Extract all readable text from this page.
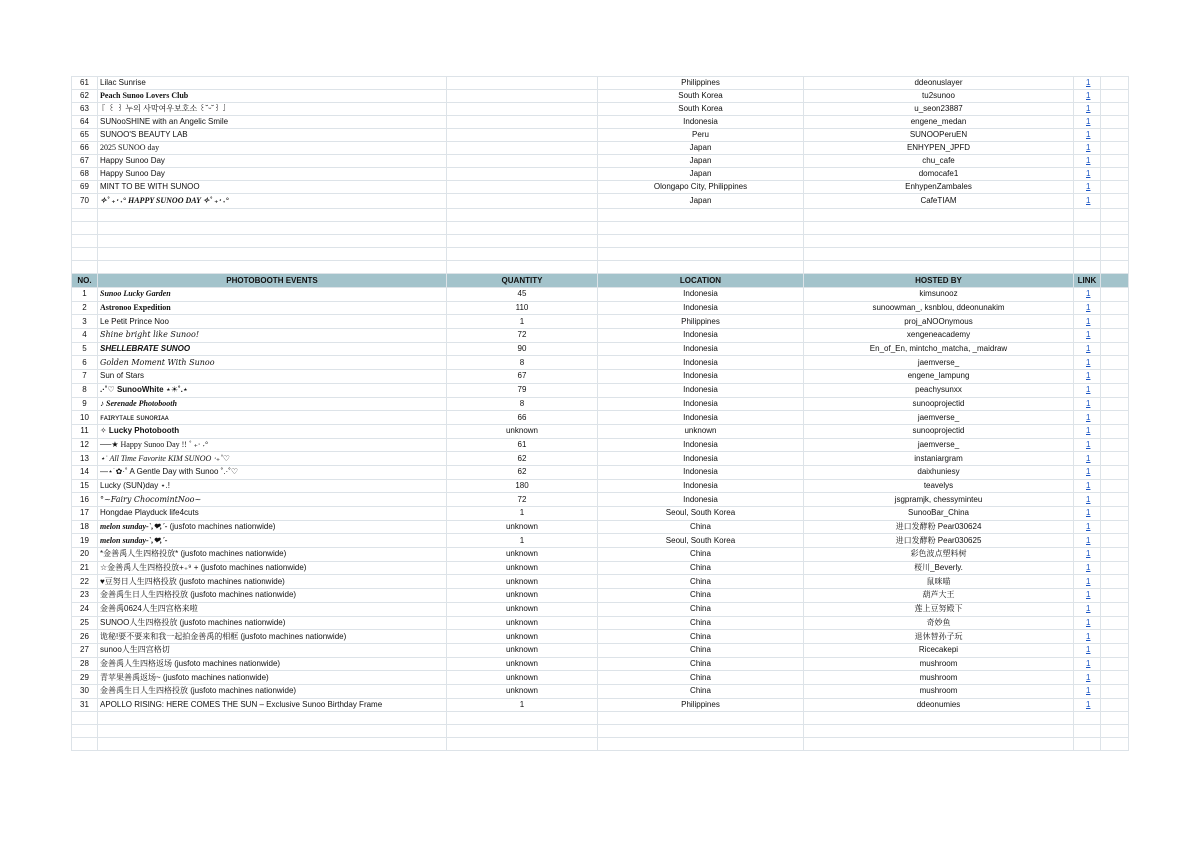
61	Lilac Sunrise		Philippines	ddeonuslayer	1	
62	Peach Sunoo Lovers Club		South Korea	tu2sunoo	1	
63	『 ꒰ ꒱ 누의 사막여우보호소 ꒰˘ᵕ˘꒱』		South Korea	u_seon23887	1	
64	SUNooSHINE with an Angelic Smile		Indonesia	engene_medan	1	
65	SUNOO'S BEAUTY LAB		Peru	SUNOOPeruEN	1	
66	2025 SUNOO day		Japan	ENHYPEN_JPFD	1	
67	Happy Sunoo Day		Japan	chu_cafe	1	
68	Happy Sunoo Day		Japan	domocafe1	1	
69	MINT TO BE WITH SUNOO		Olongapo City, Philippines	EnhypenZambales	1	
70	✧˚ ₊‧ ˖° HAPPY SUNOO DAY ✧˚ ₊‧ ˖°		Japan	CafeTIAM	1	

NO.	PHOTOBOOTH EVENTS	QUANTITY	LOCATION	HOSTED BY	LINK	
1	Sunoo Lucky Garden	45	Indonesia	kimsunooz	1	
2	Astronoo Expedition	110	Indonesia	sunoowman_, ksnblou, ddeonunakim	1	
3	Le Petit Prince Noo	1	Philippines	proj_aNOOnymous	1	
4	Shine bright like Sunoo!	72	Indonesia	xengeneacademy	1	
5	SHELLEBRATE SUNOO	90	Indonesia	En_of_En, mintcho_matcha, _maidraw	1	
6	Golden Moment With Sunoo	8	Indonesia	jaemverse_	1	
7	Sun of Stars	67	Indonesia	engene_lampung	1	
8	.·˚♡ SunooWhite ⋆☀˚.⋆	79	Indonesia	peachysunxx	1	
9	♪ Serenade Photobooth	8	Indonesia	sunooprojectid	1	
10	ꜰᴀɪʀʏᴛᴀʟᴇ ꜱᴜɴᴏʀɪᴀᴀ	66	Indonesia	jaemverse_	1	
11	✧ Lucky Photobooth	unknown	unknown	sunooprojectid	1	
12	──★ Happy Sunoo Day !! ˚ ₊‧ ˖°	61	Indonesia	jaemverse_	1	
13	⋆˙ All Time Favorite KIM SUNOO ‧₊˚♡	62	Indonesia	instaniargram	1	
14	—⋆˙✿·˚ A Gentle Day with Sunoo ˚.·˚♡	62	Indonesia	daixhuniesy	1	
15	Lucky (SUN)day ⋆.!	180	Indonesia	teavelys	1	
16	°~Fairy ChocomintNoo~	72	Indonesia	jsgpramjk, chessyminteu	1	
17	Hongdae Playduck life4cuts	1	Seoul, South Korea	SunooBar_China	1	
18	melon sunday-`,❤,´- (jusfoto machines nationwide)	unknown	China	进口发酵粉 Pear030624	1	
19	melon sunday-`,❤,´-	1	Seoul, South Korea	进口发酵粉 Pear030625	1	
20	*金善禹人生四格投放* (jusfoto machines nationwide)	unknown	China	彩色波点塑料树	1	
21	☆金善禹人生四格投放+₊⁹ + (jusfoto machines nationwide)	unknown	China	桜川_Beverly.	1	
22	♥豆努日人生四格投放 (jusfoto machines nationwide)	unknown	China	鼠咪喵	1	
23	金善禹生日人生四格投放 (jusfoto machines nationwide)	unknown	China	葫芦大王	1	
24	金善禹0624人生四宫格来啦	unknown	China	莲上豆努殿下	1	
25	SUNOO人生四格投放 (jusfoto machines nationwide)	unknown	China	奇妙鱼	1	
26	诡秘!要不要来和我一起拍金善禹的相框 (jusfoto machines nationwide)	unknown	China	退休替孙子玩	1	
27	sunoo人生四宫格切	unknown	China	Ricecakepi	1	
28	金善禹人生四格返场 (jusfoto machines nationwide)	unknown	China	mushroom	1	
29	青苹果善禹返场~ (jusfoto machines nationwide)	unknown	China	mushroom	1	
30	金善禹生日人生四格投放 (jusfoto machines nationwide)	unknown	China	mushroom	1	
31	APOLLO RISING: HERE COMES THE SUN – Exclusive Sunoo Birthday Frame	1	Philippines	ddeonumies	1	
